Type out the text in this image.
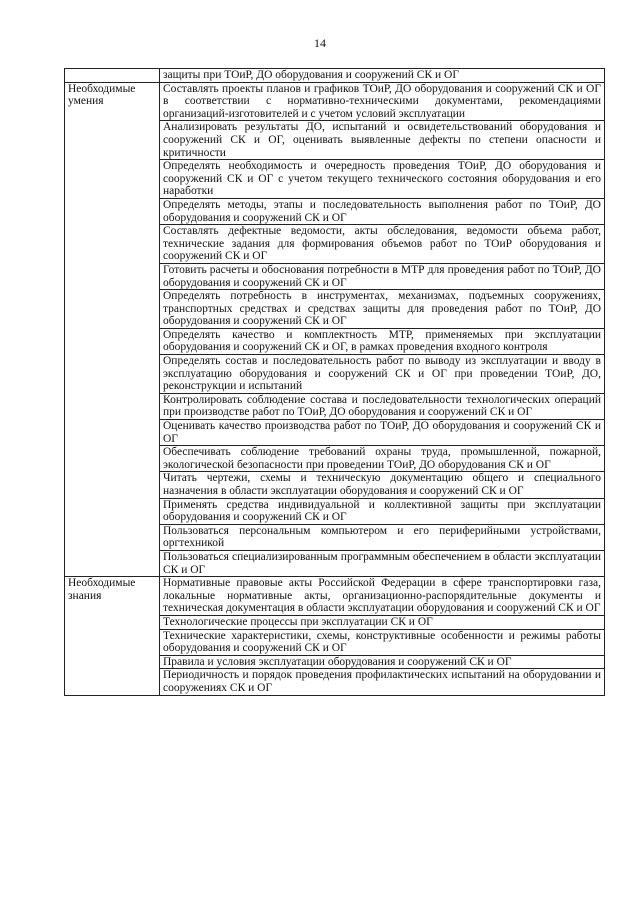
14
	защиты при ТОиР, ДО оборудования и сооружений СК и ОГ
Необходимые умения	Составлять проекты планов и графиков ТОиР, ДО оборудования и сооружений СК и ОГ в соответствии с нормативно-техническими документами, рекомендациями организаций-изготовителей и с учетом условий эксплуатации
	Анализировать результаты ДО, испытаний и освидетельствований оборудования и сооружений СК и ОГ, оценивать выявленные дефекты по степени опасности и критичности
	Определять необходимость и очередность проведения ТОиР, ДО оборудования и сооружений СК и ОГ с учетом текущего технического состояния оборудования и его наработки
	Определять методы, этапы и последовательность выполнения работ по ТОиР, ДО оборудования и сооружений СК и ОГ
	Составлять дефектные ведомости, акты обследования, ведомости объема работ, технические задания для формирования объемов работ по ТОиР оборудования и сооружений СК и ОГ
	Готовить расчеты и обоснования потребности в МТР для проведения работ по ТОиР, ДО оборудования и сооружений СК и ОГ
	Определять потребность в инструментах, механизмах, подъемных сооружениях, транспортных средствах и средствах защиты для проведения работ по ТОиР, ДО оборудования и сооружений СК и ОГ
	Определять качество и комплектность МТР, применяемых при эксплуатации оборудования и сооружений СК и ОГ, в рамках проведения входного контроля
	Определять состав и последовательность работ по выводу из эксплуатации и вводу в эксплуатацию оборудования и сооружений СК и ОГ при проведении ТОиР, ДО, реконструкции и испытаний
	Контролировать соблюдение состава и последовательности технологических операций при производстве работ по ТОиР, ДО оборудования и сооружений СК и ОГ
	Оценивать качество производства работ по ТОиР, ДО оборудования и сооружений СК и ОГ
	Обеспечивать соблюдение требований охраны труда, промышленной, пожарной, экологической безопасности при проведении ТОиР, ДО оборудования СК и ОГ
	Читать чертежи, схемы и техническую документацию общего и специального назначения в области эксплуатации оборудования и сооружений СК и ОГ
	Применять средства индивидуальной и коллективной защиты при эксплуатации оборудования и сооружений СК и ОГ
	Пользоваться персональным компьютером и его периферийными устройствами, оргтехникой
	Пользоваться специализированным программным обеспечением в области эксплуатации СК и ОГ
Необходимые знания	Нормативные правовые акты Российской Федерации в сфере транспортировки газа, локальные нормативные акты, организационно-распорядительные документы и техническая документация в области эксплуатации оборудования и сооружений СК и ОГ
	Технологические процессы при эксплуатации СК и ОГ
	Технические характеристики, схемы, конструктивные особенности и режимы работы оборудования и сооружений СК и ОГ
	Правила и условия эксплуатации оборудования и сооружений СК и ОГ
	Периодичность и порядок проведения профилактических испытаний на оборудовании и сооружениях СК и ОГ
